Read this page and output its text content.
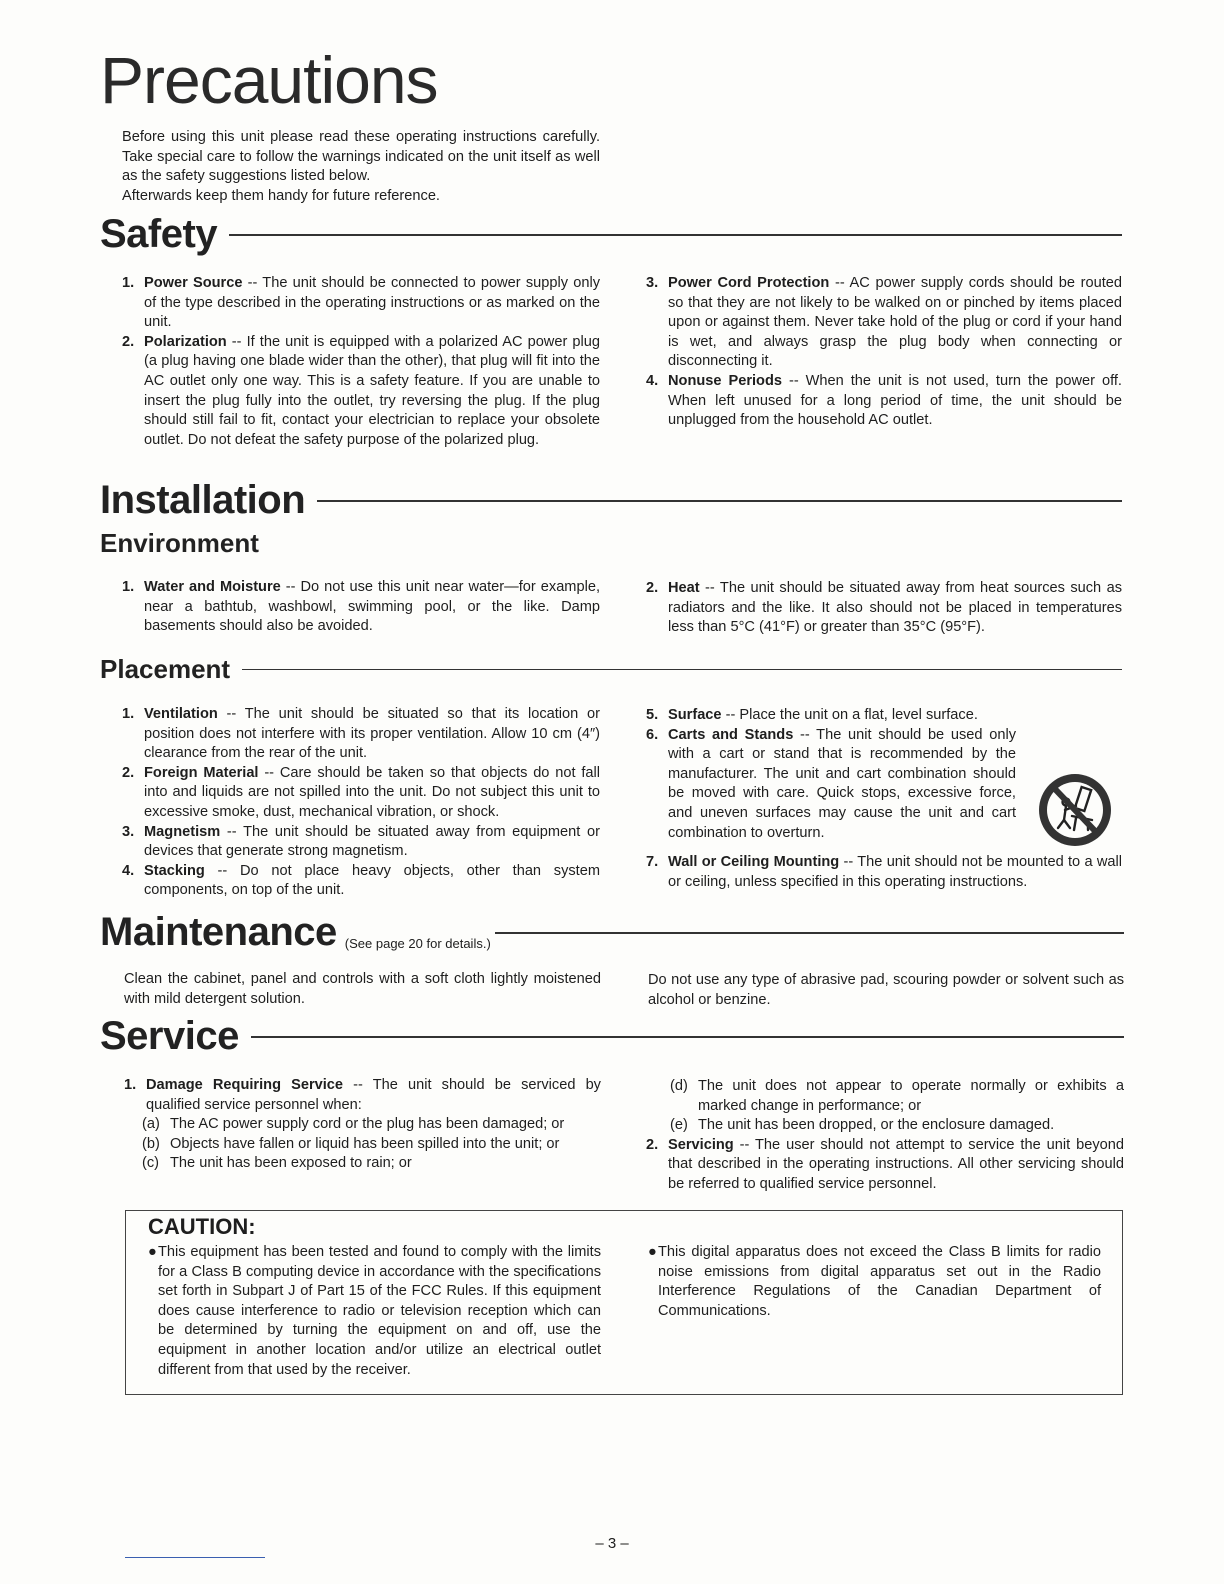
Precautions

Before using this unit please read these operating instructions carefully. Take special care to follow the warnings indicated on the unit itself as well as the safety suggestions listed below.

Afterwards keep them handy for future reference.

Safety
1. Power Source -- The unit should be connected to power supply only of the type described in the operating instructions or as marked on the unit.
2. Polarization -- If the unit is equipped with a polarized AC power plug (a plug having one blade wider than the other), that plug will fit into the AC outlet only one way. This is a safety feature. If you are unable to insert the plug fully into the outlet, try reversing the plug. If the plug should still fail to fit, contact your electrician to replace your obsolete outlet. Do not defeat the safety purpose of the polarized plug.
3. Power Cord Protection -- AC power supply cords should be routed so that they are not likely to be walked on or pinched by items placed upon or against them. Never take hold of the plug or cord if your hand is wet, and always grasp the plug body when connecting or disconnecting it.
4. Nonuse Periods -- When the unit is not used, turn the power off. When left unused for a long period of time, the unit should be unplugged from the household AC outlet.
Installation
Environment
1. Water and Moisture -- Do not use this unit near water—for example, near a bathtub, washbowl, swimming pool, or the like. Damp basements should also be avoided.
2. Heat -- The unit should be situated away from heat sources such as radiators and the like. It also should not be placed in temperatures less than 5°C (41°F) or greater than 35°C (95°F).
Placement
1. Ventilation -- The unit should be situated so that its location or position does not interfere with its proper ventilation. Allow 10 cm (4″) clearance from the rear of the unit.
2. Foreign Material -- Care should be taken so that objects do not fall into and liquids are not spilled into the unit. Do not subject this unit to excessive smoke, dust, mechanical vibration, or shock.
3. Magnetism -- The unit should be situated away from equipment or devices that generate strong magnetism.
4. Stacking -- Do not place heavy objects, other than system components, on top of the unit.
5. Surface -- Place the unit on a flat, level surface.
6. Carts and Stands -- The unit should be used only with a cart or stand that is recommended by the manufacturer. The unit and cart combination should be moved with care. Quick stops, excessive force, and uneven surfaces may cause the unit and cart combination to overturn.
7. Wall or Ceiling Mounting -- The unit should not be mounted to a wall or ceiling, unless specified in this operating instructions.
Maintenance (See page 20 for details.)

Clean the cabinet, panel and controls with a soft cloth lightly moistened with mild detergent solution.

Do not use any type of abrasive pad, scouring powder or solvent such as alcohol or benzine.

Service
1. Damage Requiring Service -- The unit should be serviced by qualified service personnel when:
(a) The AC power supply cord or the plug has been damaged; or
(b) Objects have fallen or liquid has been spilled into the unit; or
(c) The unit has been exposed to rain; or
(d) The unit does not appear to operate normally or exhibits a marked change in performance; or
(e) The unit has been dropped, or the enclosure damaged.
2. Servicing -- The user should not attempt to service the unit beyond that described in the operating instructions. All other servicing should be referred to qualified service personnel.
CAUTION:

● This equipment has been tested and found to comply with the limits for a Class B computing device in accordance with the specifications set forth in Subpart J of Part 15 of the FCC Rules. If this equipment does cause interference to radio or television reception which can be determined by turning the equipment on and off, use the equipment in another location and/or utilize an electrical outlet different from that used by the receiver.

● This digital apparatus does not exceed the Class B limits for radio noise emissions from digital apparatus set out in the Radio Interference Regulations of the Canadian Department of Communications.

– 3 –
